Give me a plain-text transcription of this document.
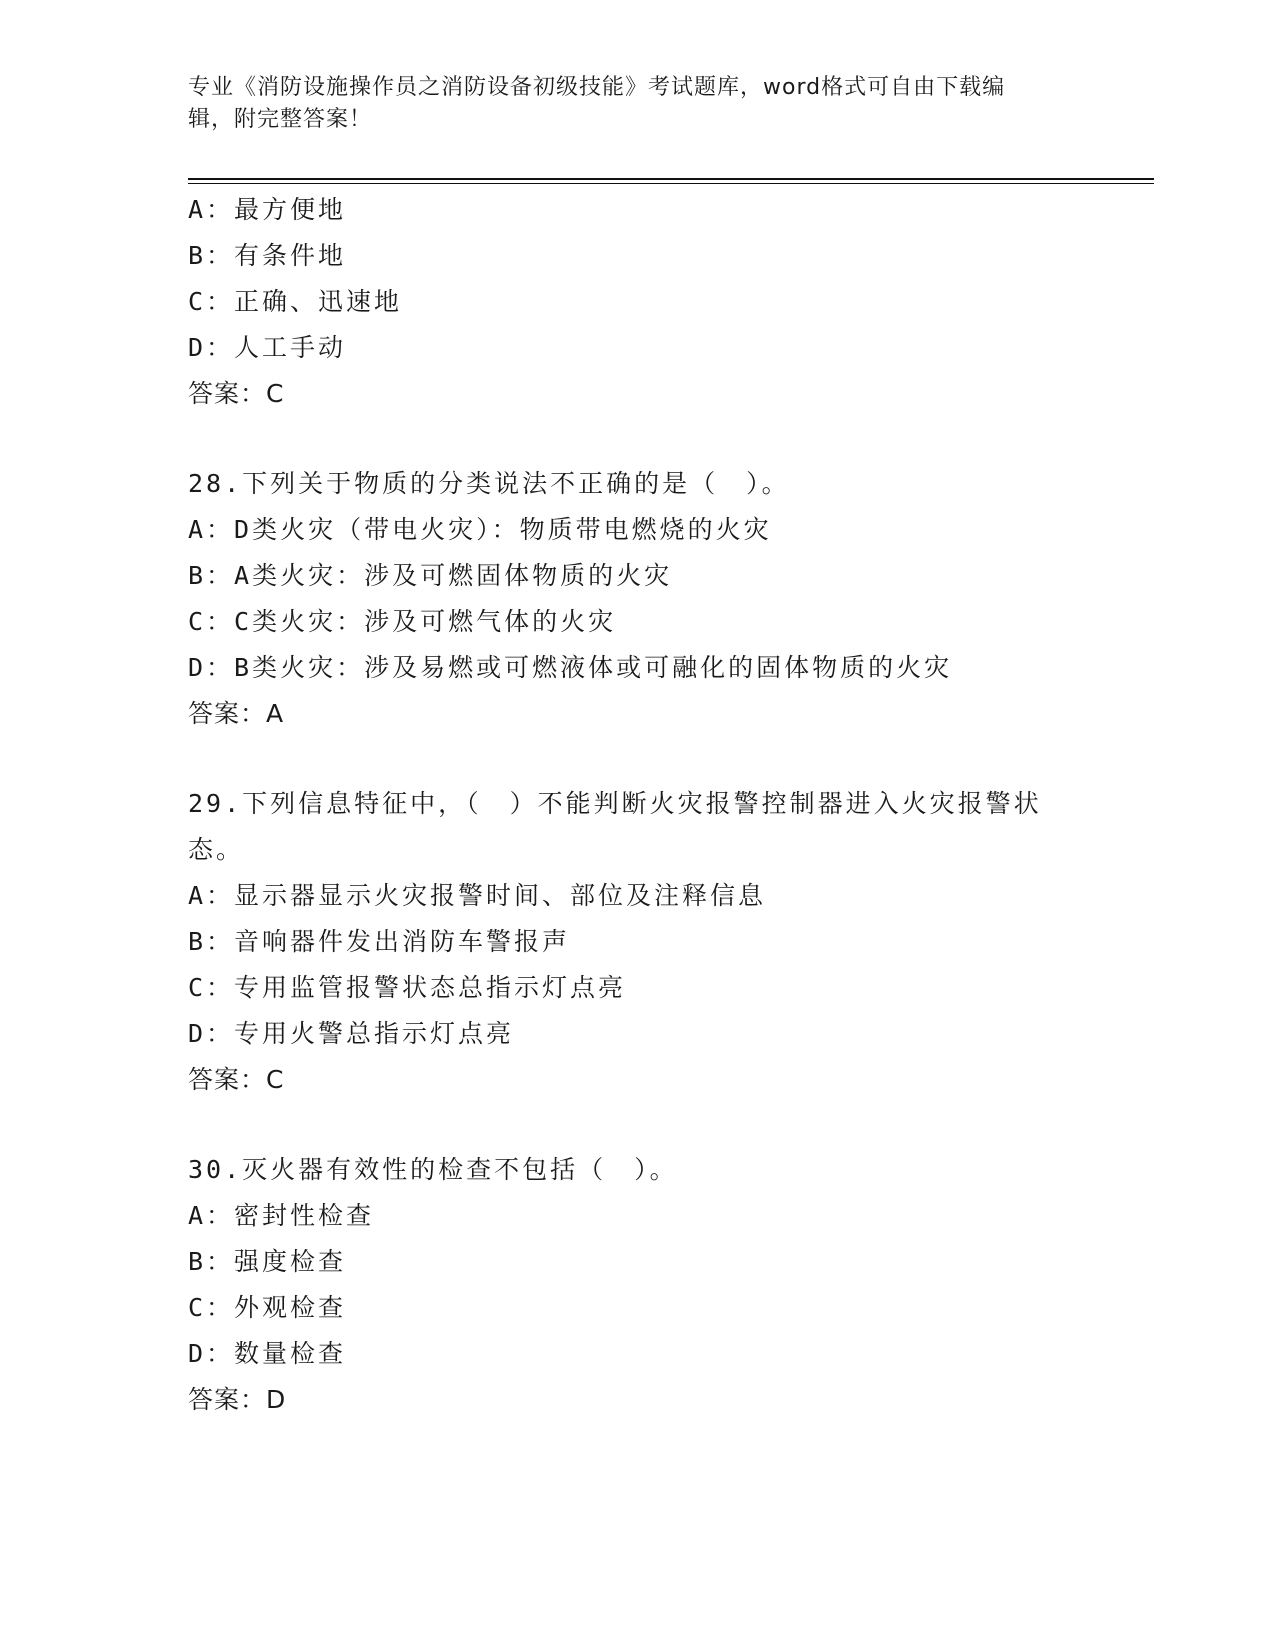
专业《消防设施操作员之消防设备初级技能》考试题库，word格式可自由下载编
辑，附完整答案！
A：最方便地
B：有条件地
C：正确、迅速地
D：人工手动
答案：C
28.下列关于物质的分类说法不正确的是（　）。
A：D类火灾（带电火灾）：物质带电燃烧的火灾
B：A类火灾：涉及可燃固体物质的火灾
C：C类火灾：涉及可燃气体的火灾
D：B类火灾：涉及易燃或可燃液体或可融化的固体物质的火灾
答案：A
29.下列信息特征中，（　）不能判断火灾报警控制器进入火灾报警状
态。
A：显示器显示火灾报警时间、部位及注释信息
B：音响器件发出消防车警报声
C：专用监管报警状态总指示灯点亮
D：专用火警总指示灯点亮
答案：C
30.灭火器有效性的检查不包括（　）。
A：密封性检查
B：强度检查
C：外观检查
D：数量检查
答案：D
